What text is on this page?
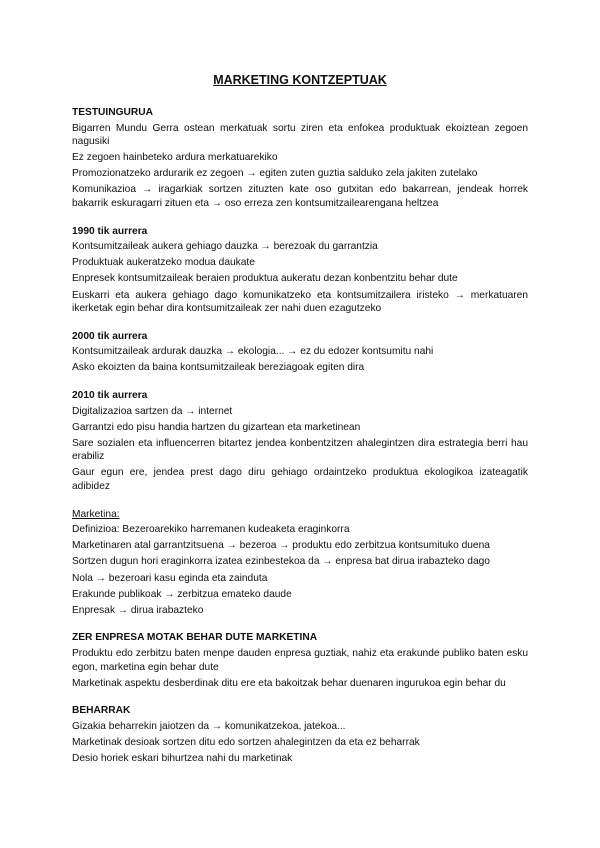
MARKETING KONTZEPTUAK
TESTUINGURUA
Bigarren Mundu Gerra ostean merkatuak sortu ziren eta enfokea produktuak ekoiztean zegoen nagusiki
Ez zegoen hainbeteko ardura merkatuarekiko
Promozionatzeko ardurarik ez zegoen → egiten zuten guztia salduko zela jakiten zutelako
Komunikazioa → iragarkiak sortzen zituzten kate oso gutxitan edo bakarrean, jendeak horrek bakarrik eskuragarri zituen eta → oso erreza zen kontsumitzailearengana heltzea
1990 tik aurrera
Kontsumitzaileak aukera gehiago dauzka → berezoak du garrantzia
Produktuak aukeratzeko modua daukate
Enpresek kontsumitzaileak beraien produktua aukeratu dezan konbentzitu behar dute
Euskarri eta aukera gehiago dago komunikatzeko eta kontsumitzailera iristeko → merkatuaren ikerketak egin behar dira kontsumitzaileak zer nahi duen ezagutzeko
2000 tik aurrera
Kontsumitzaileak ardurak dauzka → ekologia... → ez du edozer kontsumitu nahi
Asko ekoizten da baina kontsumitzaileak bereziagoak egiten dira
2010 tik aurrera
Digitalizazioa sartzen da → internet
Garrantzi edo pisu handia hartzen du gizartean eta marketinean
Sare sozialen eta influencerren bitartez jendea konbentzitzen ahalegintzen dira estrategia berri hau erabiliz
Gaur egun ere, jendea prest dago diru gehiago ordaintzeko produktua ekologikoa izateagatik adibidez
Marketina:
Definizioa: Bezeroarekiko harremanen kudeaketa eraginkorra
Marketinaren atal garrantzitsuena → bezeroa → produktu edo zerbitzua kontsumituko duena
Sortzen dugun hori eraginkorra izatea ezinbestekoa da → enpresa bat dirua irabazteko dago
Nola → bezeroari kasu eginda eta zainduta
Erakunde publikoak → zerbitzua emateko daude
Enpresak → dirua irabazteko
ZER ENPRESA MOTAK BEHAR DUTE MARKETINA
Produktu edo zerbitzu baten menpe dauden enpresa guztiak, nahiz eta erakunde publiko baten esku egon, marketina egin behar dute
Marketinak aspektu desberdinak ditu ere eta bakoitzak behar duenaren ingurukoa egin behar du
BEHARRAK
Gizakia beharrekin jaiotzen da → komunikatzekoa, jatekoa...
Marketinak desioak sortzen ditu edo sortzen ahalegintzen da eta ez beharrak
Desio horiek eskari bihurtzea nahi du marketinak
